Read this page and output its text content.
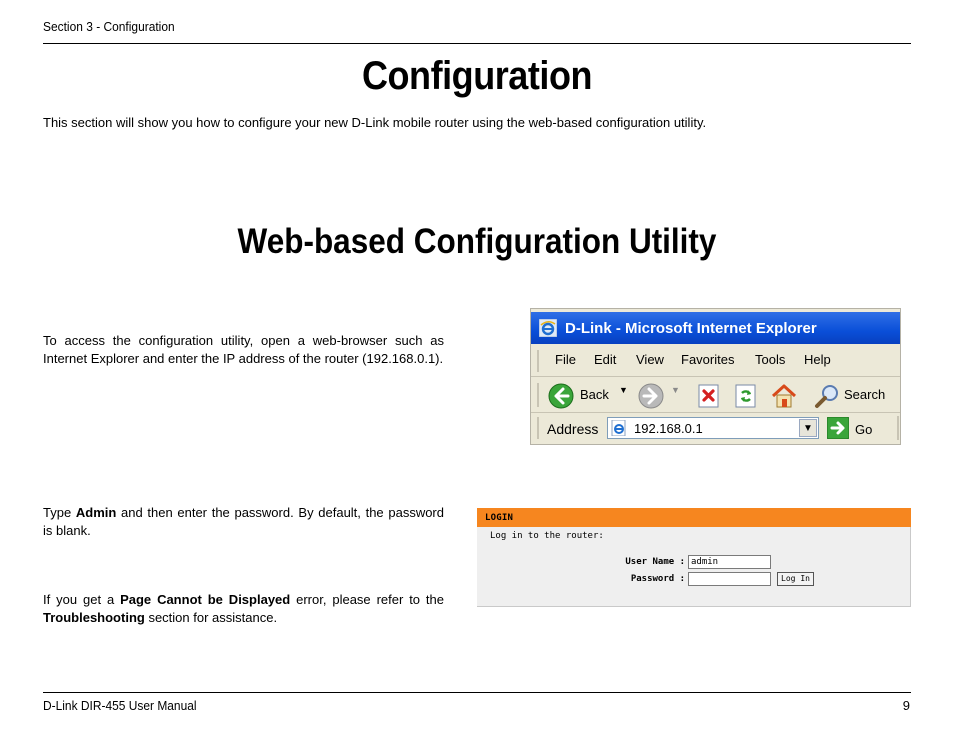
Section 3 - Configuration
Configuration
This section will show you how to configure your new D-Link mobile router using the web-based configuration utility.
Web-based Configuration Utility
To access the configuration utility, open a web-browser such as Internet Explorer and enter the IP address of the router (192.168.0.1).
Type Admin and then enter the password. By default, the password is blank.
If you get a Page Cannot be Displayed error, please refer to the Troubleshooting section for assistance.
D-Link - Microsoft Internet Explorer
File Edit View Favorites Tools Help
Back ▼	▼	Search
Address	192.168.0.1	▼	Go
LOGIN
Log in to the router:
User Name : admin
Password :	Log In
D-Link DIR-455 User Manual	9
